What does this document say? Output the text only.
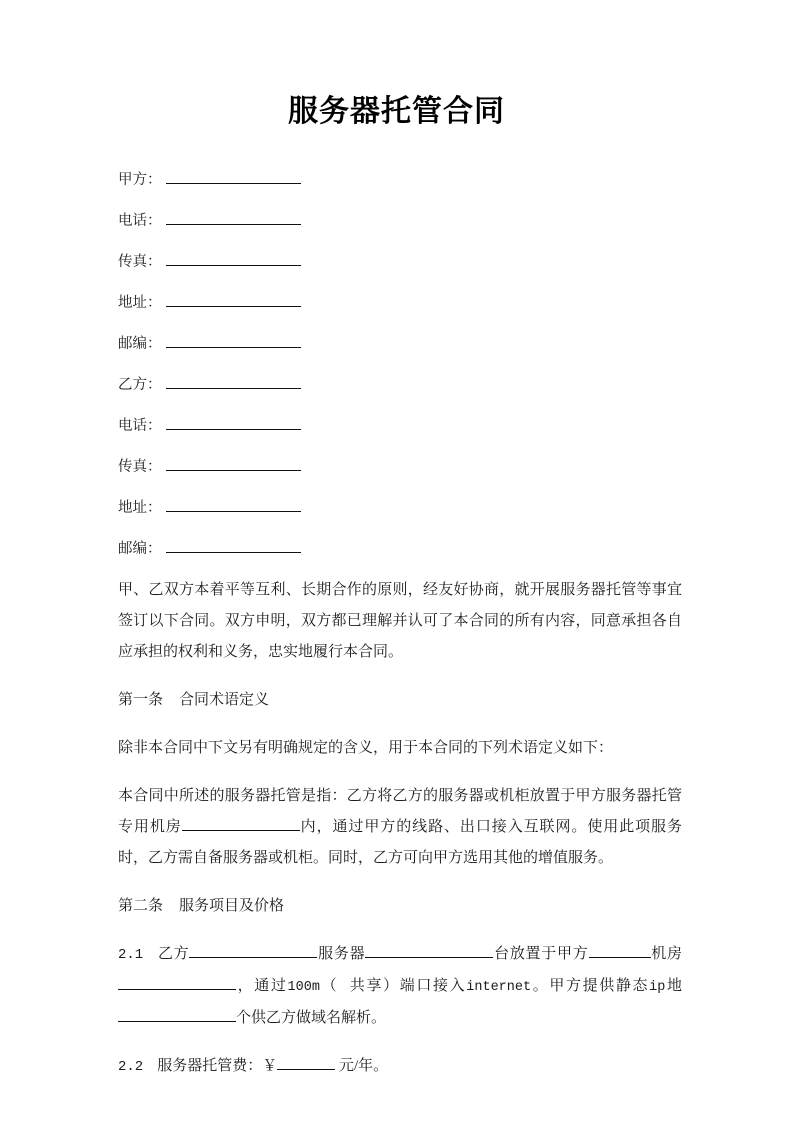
服务器托管合同
甲方：
电话：
传真：
地址：
邮编：
乙方：
电话：
传真：
地址：
邮编：

甲、乙双方本着平等互利、长期合作的原则，经友好协商，就开展服务器托管等事宜签订以下合同。双方申明，双方都已理解并认可了本合同的所有内容，同意承担各自应承担的权利和义务，忠实地履行本合同。

第一条 合同术语定义

除非本合同中下文另有明确规定的含义，用于本合同的下列术语定义如下：

本合同中所述的服务器托管是指：乙方将乙方的服务器或机柜放置于甲方服务器托管专用机房	内，通过甲方的线路、出口接入互联网。使用此项服务时，乙方需自备服务器或机柜。同时，乙方可向甲方选用其他的增值服务。

第二条 服务项目及价格

2.1 乙方	服务器	台放置于甲方	机房，通过100m（ 共享）端口接入internet。甲方提供静态ip地个供乙方做域名解析。

2.2 服务器托管费：￥	元/年。
